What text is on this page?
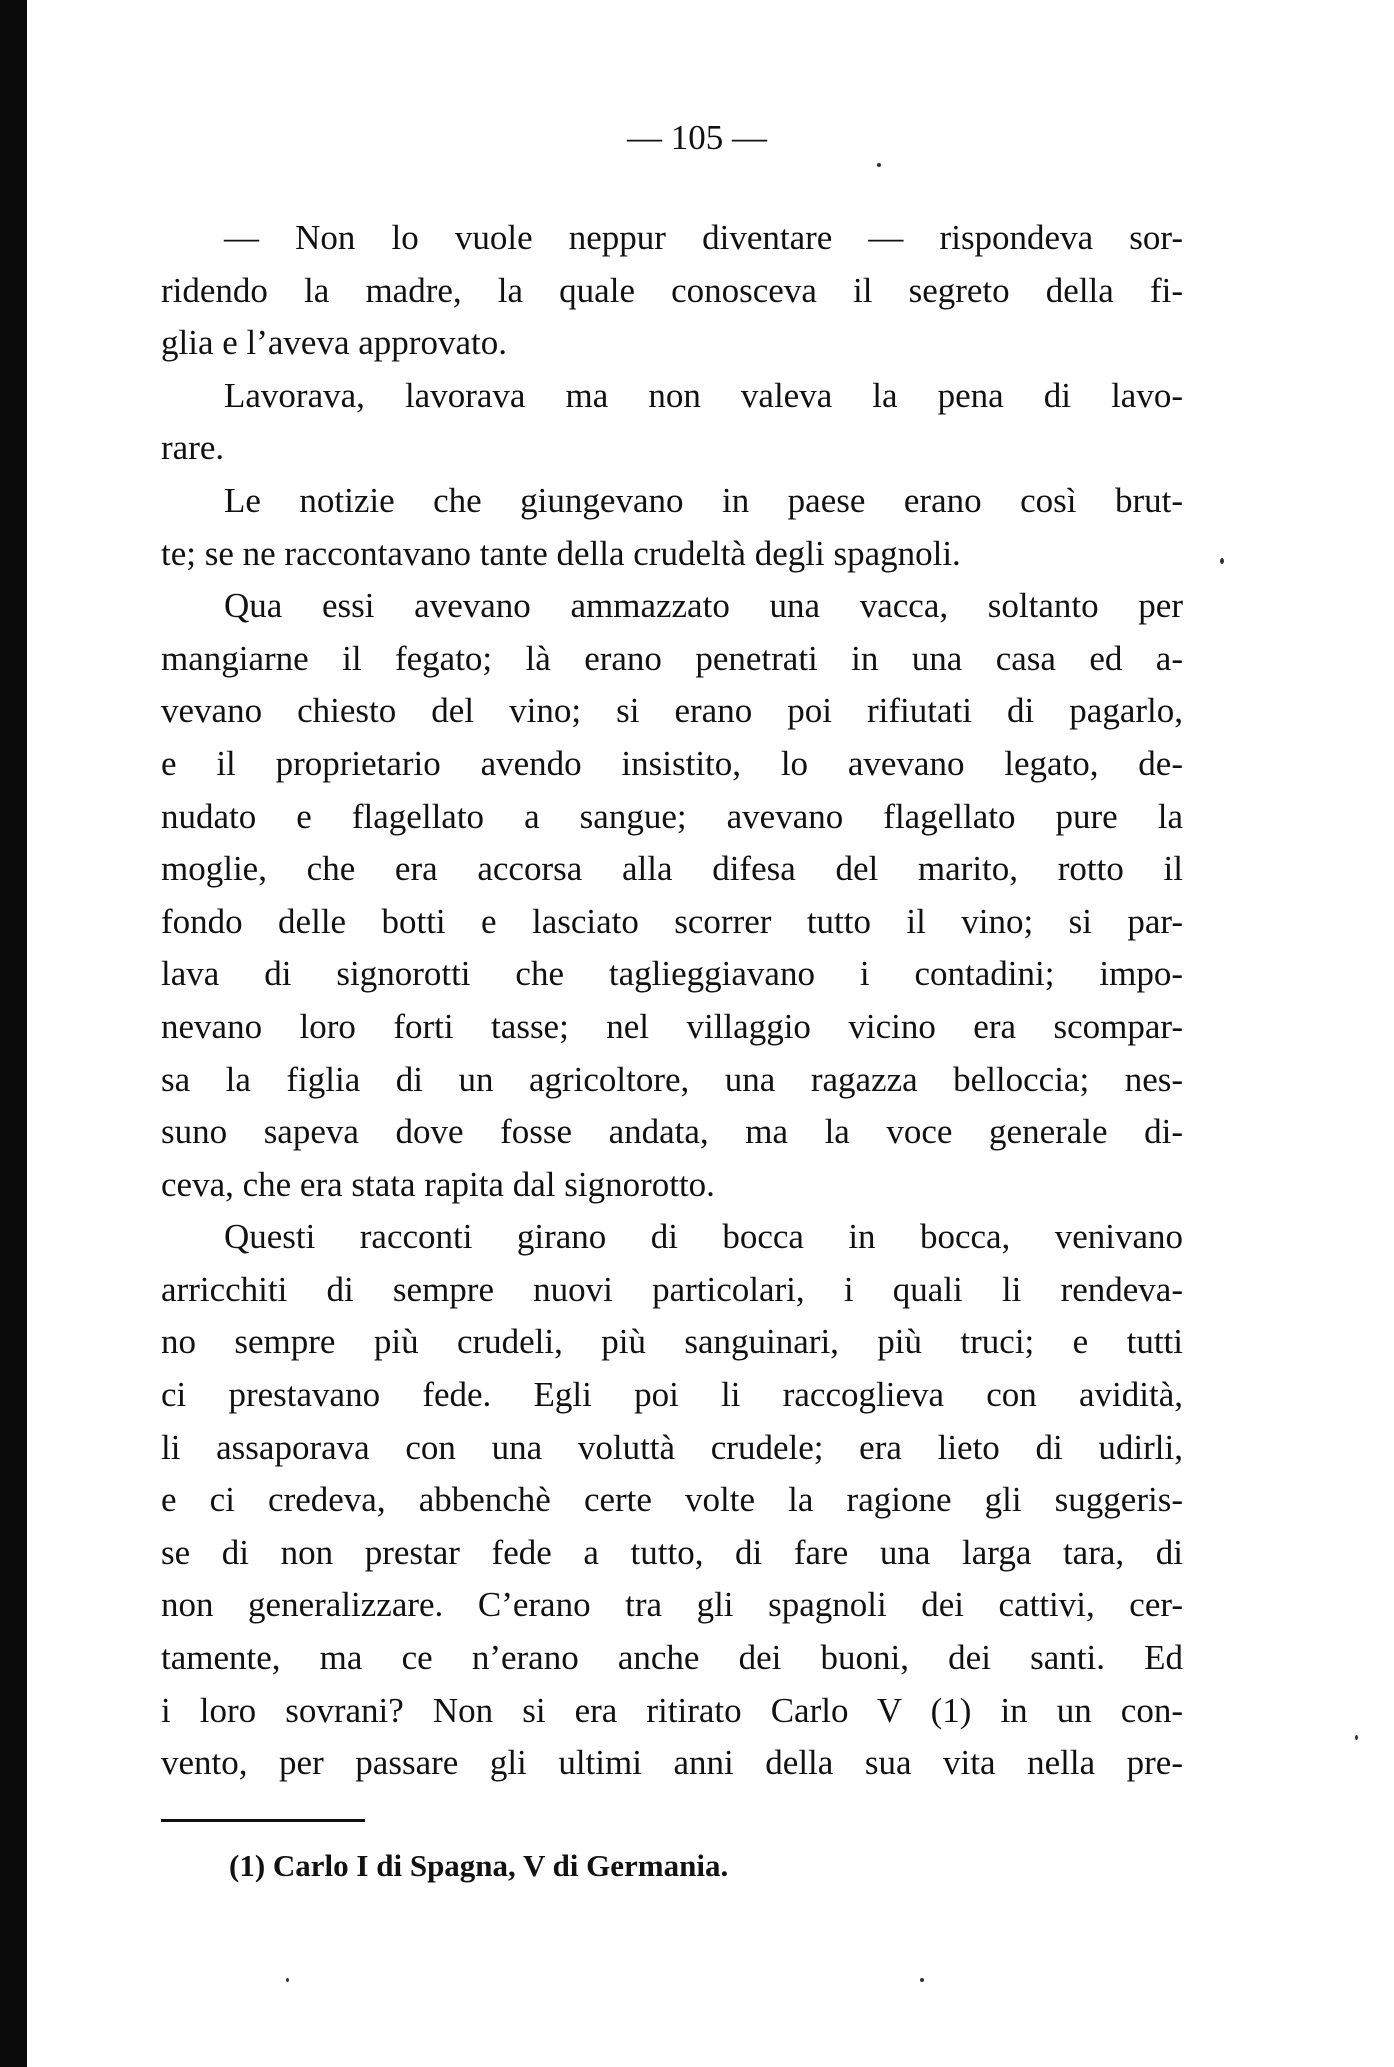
— 105 —
— Non lo vuole neppur diventare — rispondeva sor-
ridendo la madre, la quale conosceva il segreto della fi-
glia e l’aveva approvato.
Lavorava, lavorava ma non valeva la pena di lavo-
rare.
Le notizie che giungevano in paese erano così brut-
te; se ne raccontavano tante della crudeltà degli spagnoli.
Qua essi avevano ammazzato una vacca, soltanto per
mangiarne il fegato; là erano penetrati in una casa ed a-
vevano chiesto del vino; si erano poi rifiutati di pagarlo,
e il proprietario avendo insistito, lo avevano legato, de-
nudato e flagellato a sangue; avevano flagellato pure la
moglie, che era accorsa alla difesa del marito, rotto il
fondo delle botti e lasciato scorrer tutto il vino; si par-
lava di signorotti che taglieggiavano i contadini; impo-
nevano loro forti tasse; nel villaggio vicino era scompar-
sa la figlia di un agricoltore, una ragazza belloccia; nes-
suno sapeva dove fosse andata, ma la voce generale di-
ceva, che era stata rapita dal signorotto.
Questi racconti girano di bocca in bocca, venivano
arricchiti di sempre nuovi particolari, i quali li rendeva-
no sempre più crudeli, più sanguinari, più truci; e tutti
ci prestavano fede. Egli poi li raccoglieva con avidità,
li assaporava con una voluttà crudele; era lieto di udirli,
e ci credeva, abbenchè certe volte la ragione gli suggeris-
se di non prestar fede a tutto, di fare una larga tara, di
non generalizzare. C’erano tra gli spagnoli dei cattivi, cer-
tamente, ma ce n’erano anche dei buoni, dei santi. Ed
i loro sovrani? Non si era ritirato Carlo V (1) in un con-
vento, per passare gli ultimi anni della sua vita nella pre-
(1) Carlo I di Spagna, V di Germania.
